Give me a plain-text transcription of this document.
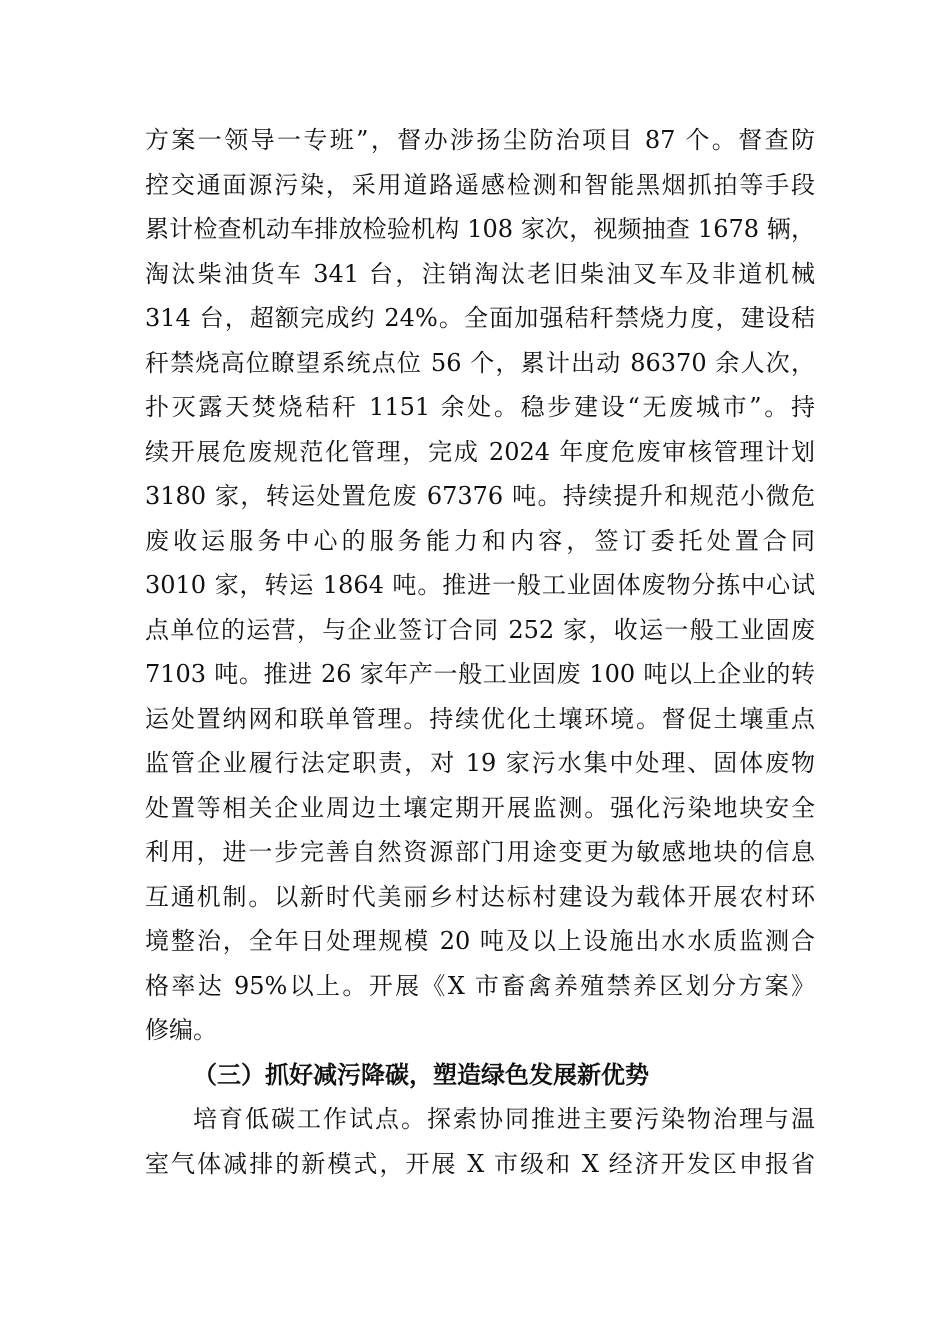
方案一领导一专班”，督办涉扬尘防治项目 87 个。督查防
控交通面源污染，采用道路遥感检测和智能黑烟抓拍等手段
累计检查机动车排放检验机构 108 家次，视频抽查 1678 辆，
淘汰柴油货车 341 台，注销淘汰老旧柴油叉车及非道机械
314 台，超额完成约 24%。全面加强秸秆禁烧力度，建设秸
秆禁烧高位瞭望系统点位 56 个，累计出动 86370 余人次，
扑灭露天焚烧秸秆 1151 余处。稳步建设“无废城市”。持
续开展危废规范化管理，完成 2024 年度危废审核管理计划
3180 家，转运处置危废 67376 吨。持续提升和规范小微危
废收运服务中心的服务能力和内容，签订委托处置合同
3010 家，转运 1864 吨。推进一般工业固体废物分拣中心试
点单位的运营，与企业签订合同 252 家，收运一般工业固废
7103 吨。推进 26 家年产一般工业固废 100 吨以上企业的转
运处置纳网和联单管理。持续优化土壤环境。督促土壤重点
监管企业履行法定职责，对 19 家污水集中处理、固体废物
处置等相关企业周边土壤定期开展监测。强化污染地块安全
利用，进一步完善自然资源部门用途变更为敏感地块的信息
互通机制。以新时代美丽乡村达标村建设为载体开展农村环
境整治，全年日处理规模 20 吨及以上设施出水水质监测合
格率达 95%以上。开展《X 市畜禽养殖禁养区划分方案》
修编。
（三）抓好减污降碳，塑造绿色发展新优势
培育低碳工作试点。探索协同推进主要污染物治理与温
室气体减排的新模式，开展 X 市级和 X 经济开发区申报省
